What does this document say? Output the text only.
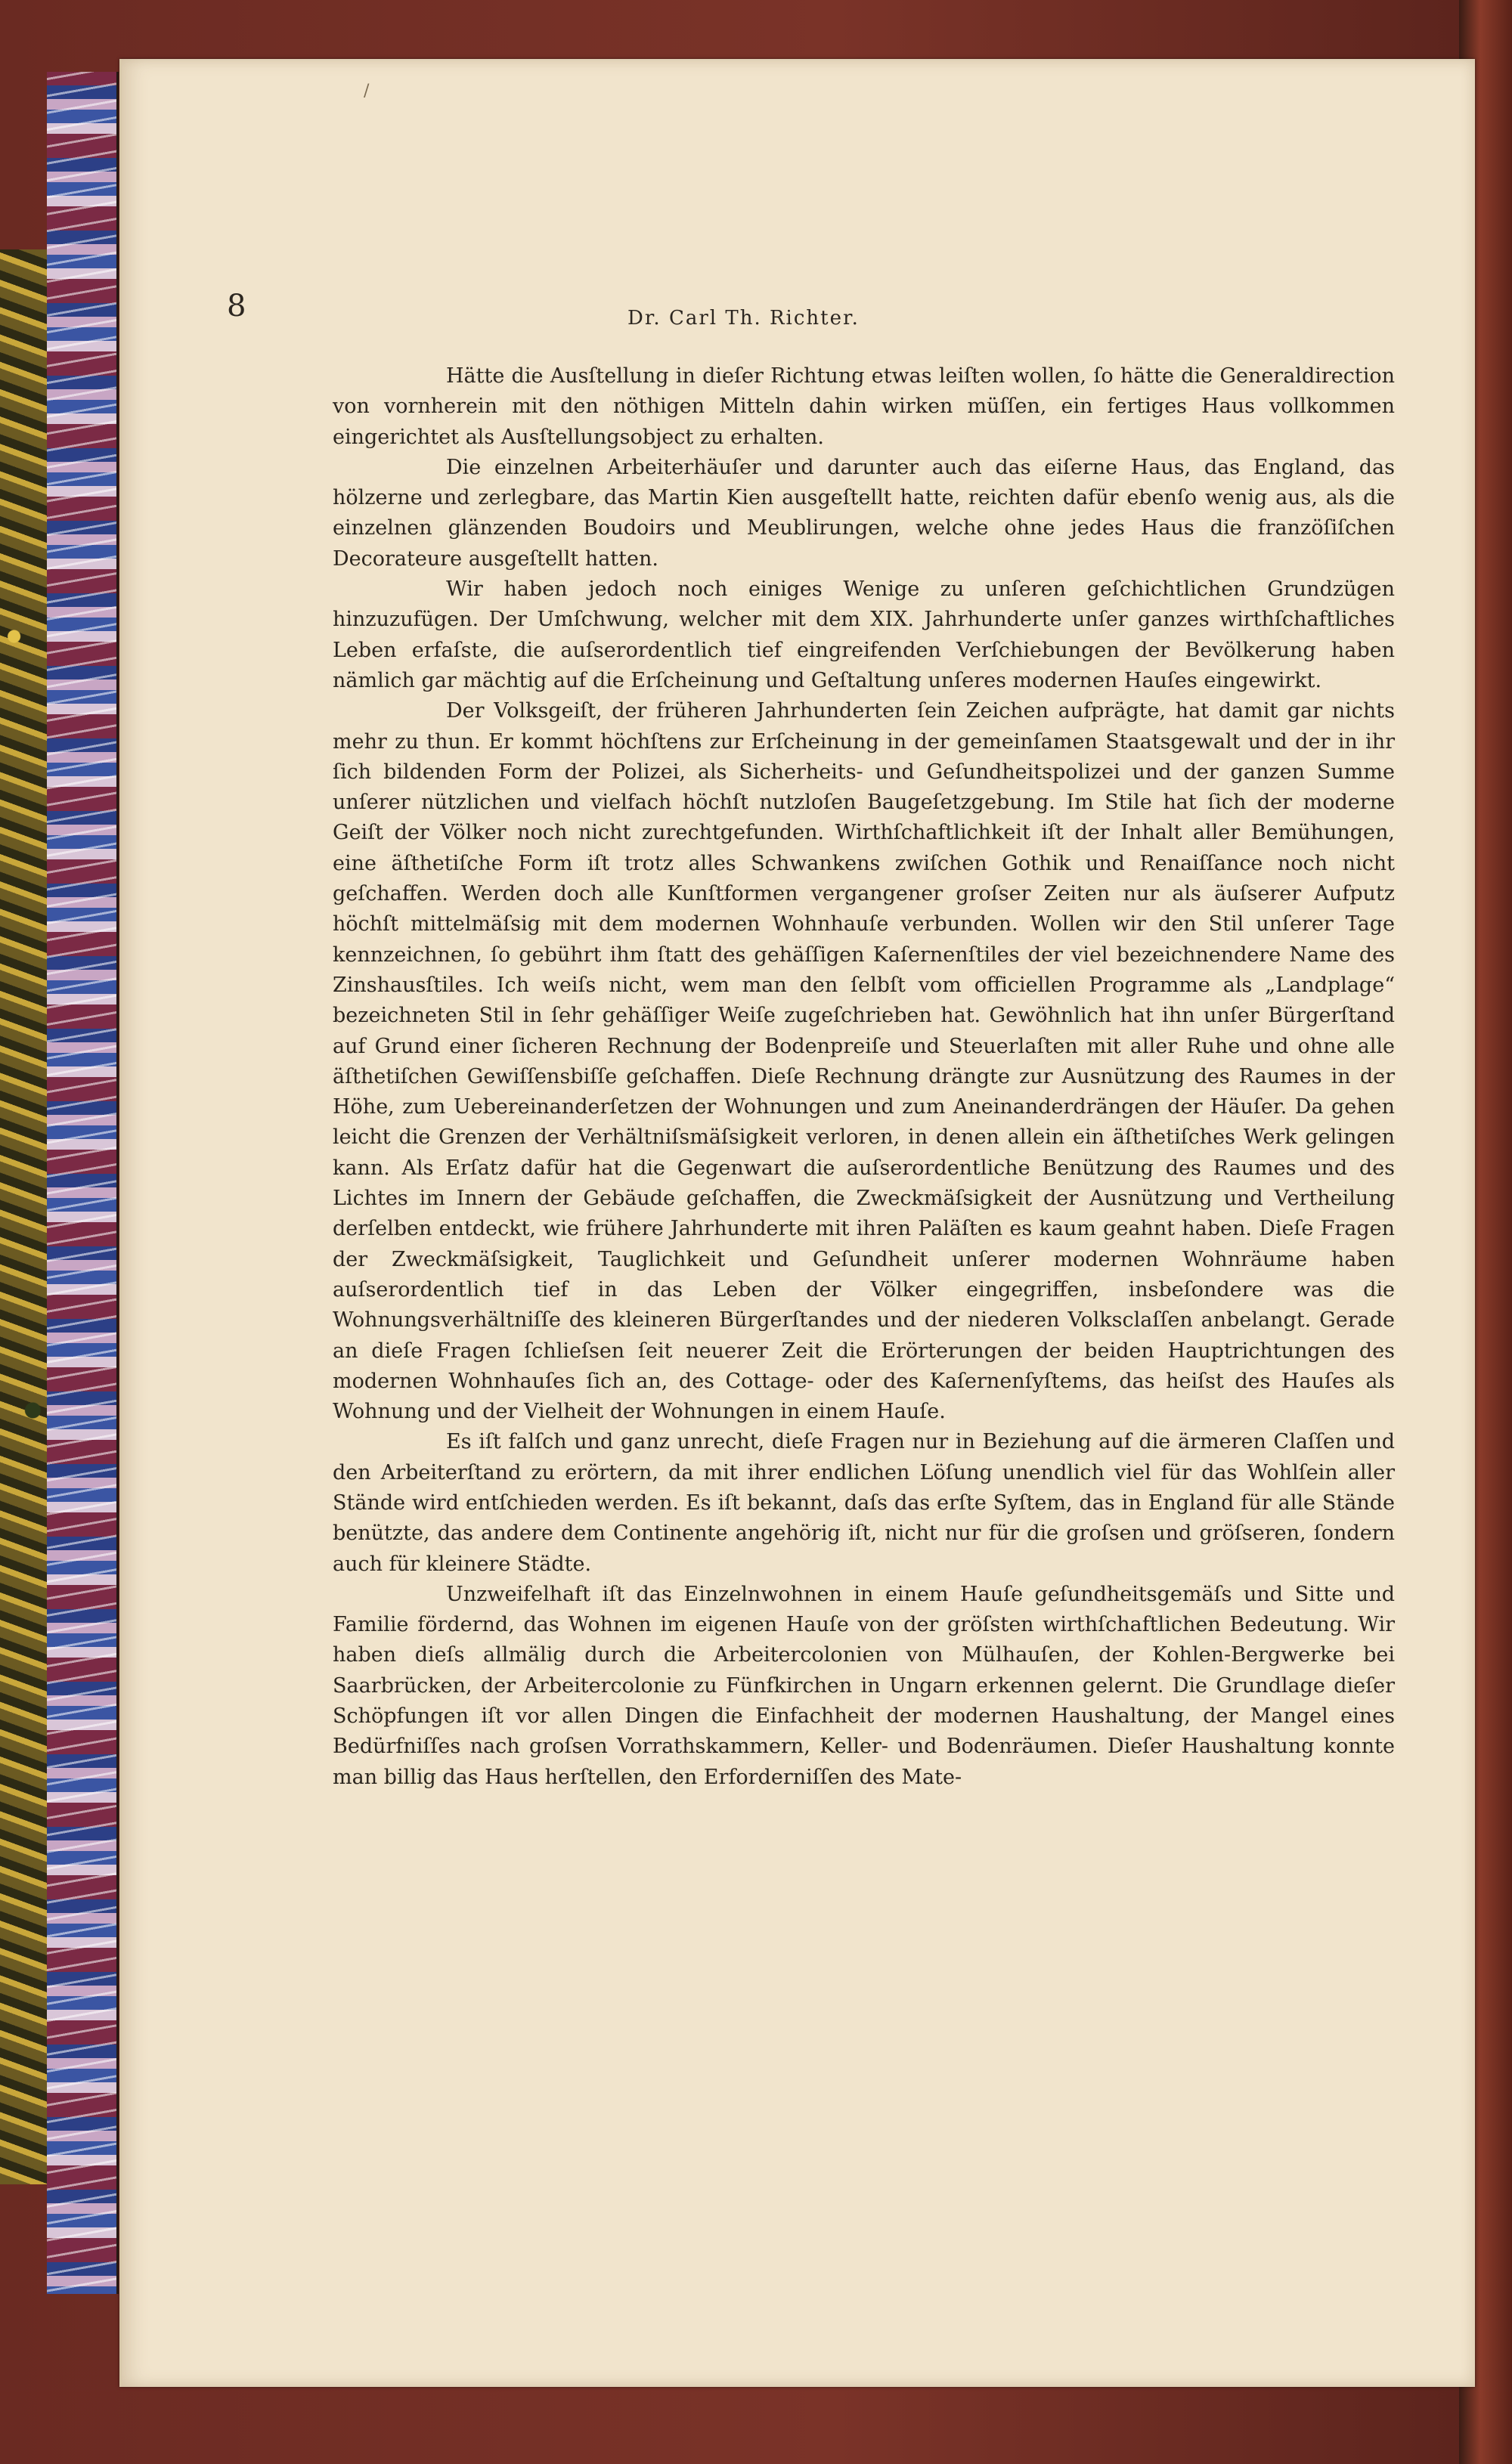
/
8	Dr. Carl Th. Richter.

Hätte die Ausſtellung in dieſer Richtung etwas leiſten wollen, ſo hätte die Generaldirection von vornherein mit den nöthigen Mitteln dahin wirken müſſen, ein fertiges Haus vollkommen eingerichtet als Ausſtellungsobject zu erhalten.

Die einzelnen Arbeiterhäuſer und darunter auch das eiſerne Haus, das England, das hölzerne und zerlegbare, das Martin Kien ausgeſtellt hatte, reichten dafür ebenſo wenig aus, als die einzelnen glänzenden Boudoirs und Meublirungen, welche ohne jedes Haus die franzöſiſchen Decorateure ausgeſtellt hatten.

Wir haben jedoch noch einiges Wenige zu unſeren geſchichtlichen Grundzügen hinzuzufügen. Der Umſchwung, welcher mit dem XIX. Jahrhunderte unſer ganzes wirthſchaftliches Leben erfaſste, die auſserordentlich tief eingreifenden Verſchiebungen der Bevölkerung haben nämlich gar mächtig auf die Erſcheinung und Geſtaltung unſeres modernen Hauſes eingewirkt.

Der Volksgeiſt, der früheren Jahrhunderten ſein Zeichen aufprägte, hat damit gar nichts mehr zu thun. Er kommt höchſtens zur Erſcheinung in der gemeinſamen Staatsgewalt und der in ihr ſich bildenden Form der Polizei, als Sicherheits- und Geſundheitspolizei und der ganzen Summe unſerer nützlichen und vielfach höchſt nutzloſen Baugeſetzgebung. Im Stile hat ſich der moderne Geiſt der Völker noch nicht zurechtgefunden. Wirthſchaftlichkeit iſt der Inhalt aller Bemühungen, eine äſthetiſche Form iſt trotz alles Schwankens zwiſchen Gothik und Renaiſſance noch nicht geſchaffen. Werden doch alle Kunſtformen vergangener groſser Zeiten nur als äuſserer Aufputz höchſt mittelmäſsig mit dem modernen Wohnhauſe verbunden. Wollen wir den Stil unſerer Tage kennzeichnen, ſo gebührt ihm ſtatt des gehäſſigen Kaſernenſtiles der viel bezeichnendere Name des Zinshausſtiles. Ich weiſs nicht, wem man den ſelbſt vom officiellen Programme als „Landplage“ bezeichneten Stil in ſehr gehäſſiger Weiſe zugeſchrieben hat. Gewöhnlich hat ihn unſer Bürgerſtand auf Grund einer ſicheren Rechnung der Bodenpreiſe und Steuerlaſten mit aller Ruhe und ohne alle äſthetiſchen Gewiſſensbiſſe geſchaffen. Dieſe Rechnung drängte zur Ausnützung des Raumes in der Höhe, zum Uebereinanderſetzen der Wohnungen und zum Aneinanderdrängen der Häuſer. Da gehen leicht die Grenzen der Verhältniſsmäſsigkeit verloren, in denen allein ein äſthetiſches Werk gelingen kann. Als Erſatz dafür hat die Gegenwart die auſserordentliche Benützung des Raumes und des Lichtes im Innern der Gebäude geſchaffen, die Zweckmäſsigkeit der Ausnützung und Vertheilung derſelben entdeckt, wie frühere Jahrhunderte mit ihren Paläſten es kaum geahnt haben. Dieſe Fragen der Zweckmäſsigkeit, Tauglichkeit und Geſundheit unſerer modernen Wohnräume haben auſserordentlich tief in das Leben der Völker eingegriffen, insbeſondere was die Wohnungsverhältniſſe des kleineren Bürgerſtandes und der niederen Volksclaſſen anbelangt. Gerade an dieſe Fragen ſchlieſsen ſeit neuerer Zeit die Erörterungen der beiden Hauptrichtungen des modernen Wohnhauſes ſich an, des Cottage- oder des Kaſernenſyſtems, das heiſst des Hauſes als Wohnung und der Vielheit der Wohnungen in einem Hauſe.

Es iſt falſch und ganz unrecht, dieſe Fragen nur in Beziehung auf die ärmeren Claſſen und den Arbeiterſtand zu erörtern, da mit ihrer endlichen Löſung unendlich viel für das Wohlſein aller Stände wird entſchieden werden. Es iſt bekannt, daſs das erſte Syſtem, das in England für alle Stände benützte, das andere dem Continente angehörig iſt, nicht nur für die groſsen und gröſseren, ſondern auch für kleinere Städte.

Unzweifelhaft iſt das Einzelnwohnen in einem Hauſe geſundheitsgemäſs und Sitte und Familie fördernd, das Wohnen im eigenen Hauſe von der gröſsten wirthſchaftlichen Bedeutung. Wir haben dieſs allmälig durch die Arbeitercolonien von Mülhauſen, der Kohlen-Bergwerke bei Saarbrücken, der Arbeitercolonie zu Fünfkirchen in Ungarn erkennen gelernt. Die Grundlage dieſer Schöpfungen iſt vor allen Dingen die Einfachheit der modernen Haushaltung, der Mangel eines Bedürfniſſes nach groſsen Vorrathskammern, Keller- und Bodenräumen. Dieſer Haushaltung konnte man billig das Haus herſtellen, den Erforderniſſen des Mate-
